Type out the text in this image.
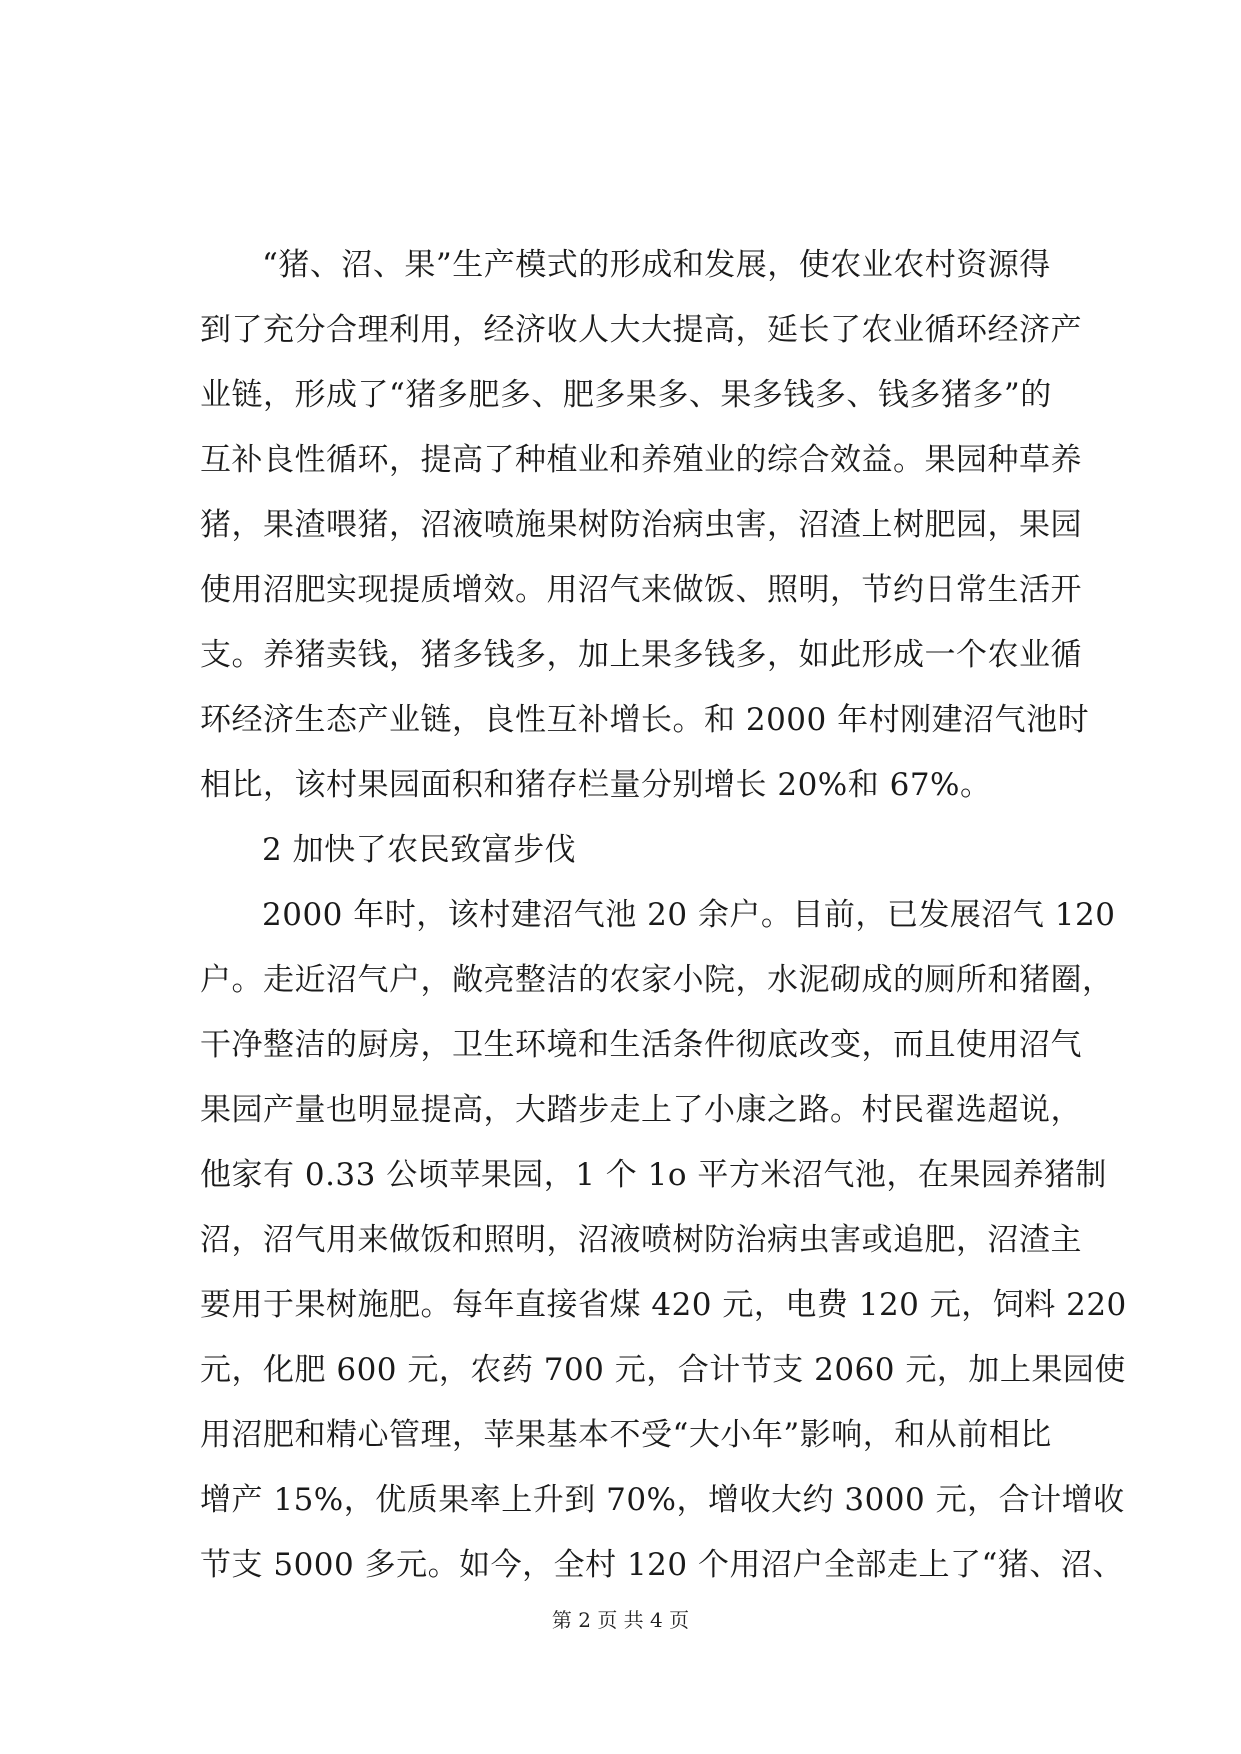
“猪、沼、果”生产模式的形成和发展，使农业农村资源得
到了充分合理利用，经济收人大大提高，延长了农业循环经济产
业链，形成了“猪多肥多、肥多果多、果多钱多、钱多猪多”的
互补良性循环，提高了种植业和养殖业的综合效益。果园种草养
猪，果渣喂猪，沼液喷施果树防治病虫害，沼渣上树肥园，果园
使用沼肥实现提质增效。用沼气来做饭、照明，节约日常生活开
支。养猪卖钱，猪多钱多，加上果多钱多，如此形成一个农业循
环经济生态产业链，良性互补增长。和 2000 年村刚建沼气池时
相比，该村果园面积和猪存栏量分别增长 20%和 67%。
2 加快了农民致富步伐
2000 年时，该村建沼气池 20 余户。目前，已发展沼气 120
户。走近沼气户，敞亮整洁的农家小院，水泥砌成的厕所和猪圈，
干净整洁的厨房，卫生环境和生活条件彻底改变，而且使用沼气
果园产量也明显提高，大踏步走上了小康之路。村民翟选超说，
他家有 0.33 公顷苹果园，1 个 1o 平方米沼气池，在果园养猪制
沼，沼气用来做饭和照明，沼液喷树防治病虫害或追肥，沼渣主
要用于果树施肥。每年直接省煤 420 元，电费 120 元，饲料 220
元，化肥 600 元，农药 700 元，合计节支 2060 元，加上果园使
用沼肥和精心管理，苹果基本不受“大小年”影响，和从前相比
增产 15%，优质果率上升到 70%，增收大约 3000 元，合计增收
节支 5000 多元。如今，全村 120 个用沼户全部走上了“猪、沼、
第 2 页 共 4 页
